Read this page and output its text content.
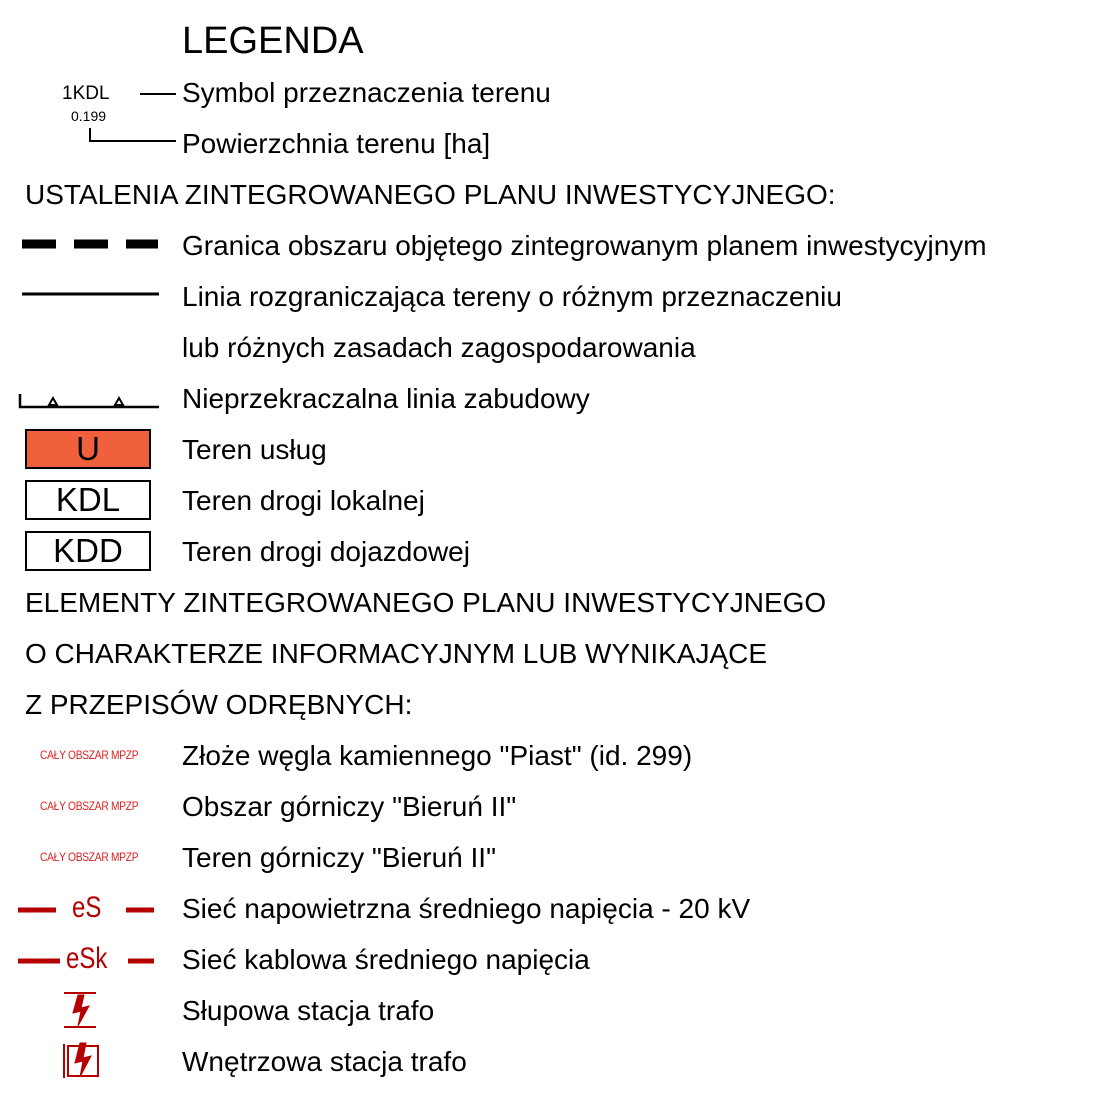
LEGENDA
1KDL
0.199
Symbol przeznaczenia terenu
Powierzchnia terenu [ha]
USTALENIA ZINTEGROWANEGO PLANU INWESTYCYJNEGO:
Granica obszaru objętego zintegrowanym planem inwestycyjnym
Linia rozgraniczająca tereny o różnym przeznaczeniu
lub różnych zasadach zagospodarowania
Nieprzekraczalna linia zabudowy
U	Teren usług
KDL Teren drogi lokalnej
KDD Teren drogi dojazdowej
ELEMENTY ZINTEGROWANEGO PLANU INWESTYCYJNEGO
O CHARAKTERZE INFORMACYJNYM LUB WYNIKAJĄCE
Z PRZEPISÓW ODRĘBNYCH:
CAŁY OBSZAR MPZP Złoże węgla kamiennego "Piast" (id. 299)
CAŁY OBSZAR MPZP Obszar górniczy "Bieruń II"
CAŁY OBSZAR MPZP Teren górniczy "Bieruń II"
eS	Sieć napowietrzna średniego napięcia - 20 kV
eSk	Sieć kablowa średniego napięcia
Słupowa stacja trafo
Wnętrzowa stacja trafo
